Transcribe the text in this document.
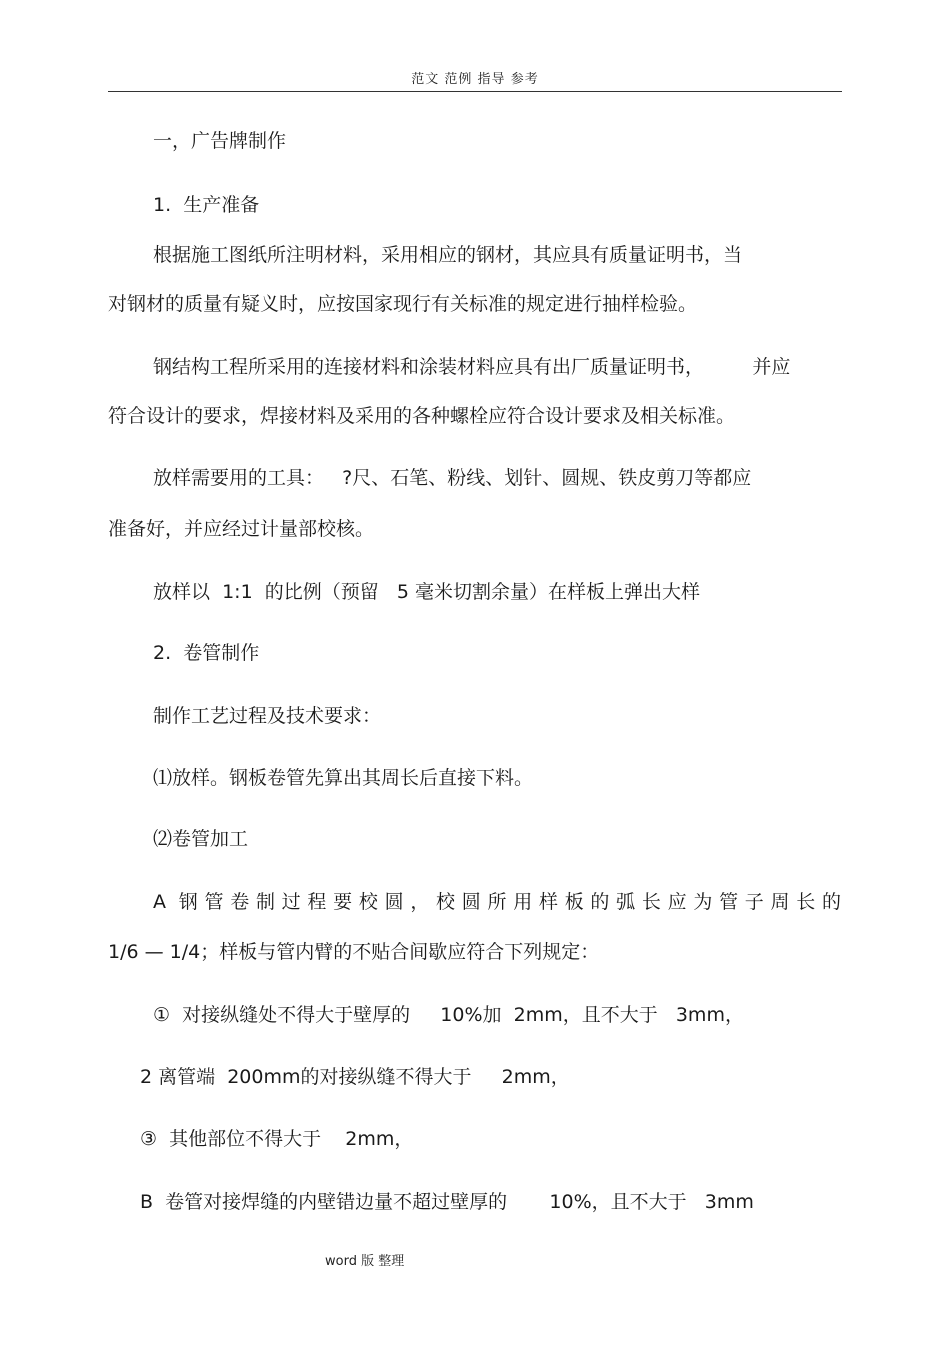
范文 范例 指导 参考
一，广告牌制作
1.  生产准备
根据施工图纸所注明材料，采用相应的钢材，其应具有质量证明书，当
对钢材的质量有疑义时，应按国家现行有关标准的规定进行抽样检验。
钢结构工程所采用的连接材料和涂装材料应具有出厂质量证明书，        并应
符合设计的要求，焊接材料及采用的各种螺栓应符合设计要求及相关标准。
放样需要用的工具：   ?尺、石笔、粉线、划针、圆规、铁皮剪刀等都应
准备好，并应经过计量部校核。
放样以  1:1  的比例（预留   5 毫米切割余量）在样板上弹出大样
2.  卷管制作
制作工艺过程及技术要求：
⑴放样。钢板卷管先算出其周长后直接下料。
⑵卷管加工
A 钢管卷制过程要校圆，校圆所用样板的弧长应为管子周长的
1/6 — 1/4；样板与管内臂的不贴合间歇应符合下列规定：
①  对接纵缝处不得大于壁厚的     10%加  2mm，且不大于   3mm，
2 离管端  200mm的对接纵缝不得大于     2mm，
③  其他部位不得大于    2mm，
B  卷管对接焊缝的内壁错边量不超过壁厚的       10%，且不大于   3mm
word 版 整理
